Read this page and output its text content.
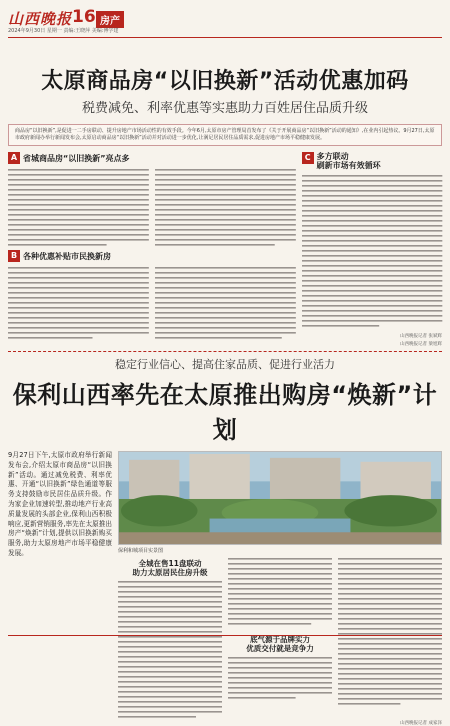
山西晚报 16 房产
2024年9月30日 星期一 责编:王晓萍 美编:傅学建
太原商品房“以旧换新”活动优惠加码
税费减免、利率优惠等实惠助力百姓居住品质升级
商品房“以旧换新”,是促进一二手房联动、提升房地产市场活动性的有效手段。今年6月,太原市房产管理局首发布了《关于开展商品房“以旧换新”活动的通知》,在业内引起热议。9月27日,太原市政府新闻办举行新闻发布会,太原启动商品房“以旧换新”活动并对活动进一步优化,让满足居民居住品质需求,促进房地产市场平稳健康发展。
A 省城商品房“以旧换新”亮点多
B 各种优惠补贴市民换新房
C 多方联动
刷新市场有效循环
山西晚报记者 张斌辉
山西晚报记者 梁旭辉
稳定行业信心、提高住家品质、促进行业活力
保利山西率先在太原推出购房“焕新”计划
9月27日下午,太原市政府举行新闻发布会,介绍太原市商品房“以旧换新”活动。通过减免税费、利率优惠、开通“以旧换新”绿色通道等服务支持鼓励市民居住品质升级。作为家企业加速转型,推动地产行业高质量发展的头部企业,保利山西积极响应,更新营销服务,率先在太原推出房产“焕新”计划,提供以旧换新购买服务,助力太原房地产市场平稳健康发展。	保利和城项目实景图
全城在售11盘联动
助力太原居民住房升级
底气源于品牌实力
优质交付就是竞争力
山西晚报记者 成家泽
